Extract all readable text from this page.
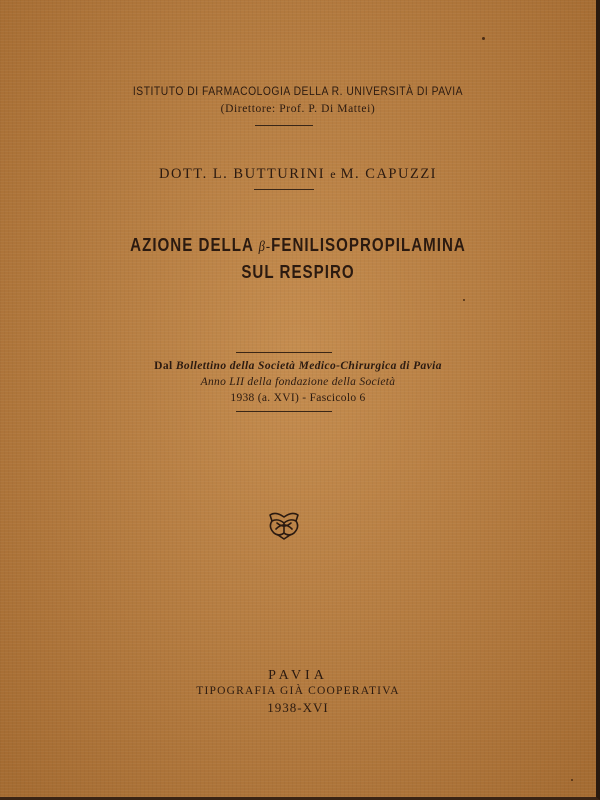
ISTITUTO DI FARMACOLOGIA DELLA R. UNIVERSITÀ DI PAVIA
(Direttore: Prof. P. Di Mattei)
DOTT. L. BUTTURINI e M. CAPUZZI
AZIONE DELLA β-FENILISOPROPILAMINA
SUL RESPIRO
Dal Bollettino della Società Medico-Chirurgica di Pavia
Anno LII della fondazione della Società
1938 (a. XVI) - Fascicolo 6
PAVIA
TIPOGRAFIA GIÀ COOPERATIVA
1938-XVI
